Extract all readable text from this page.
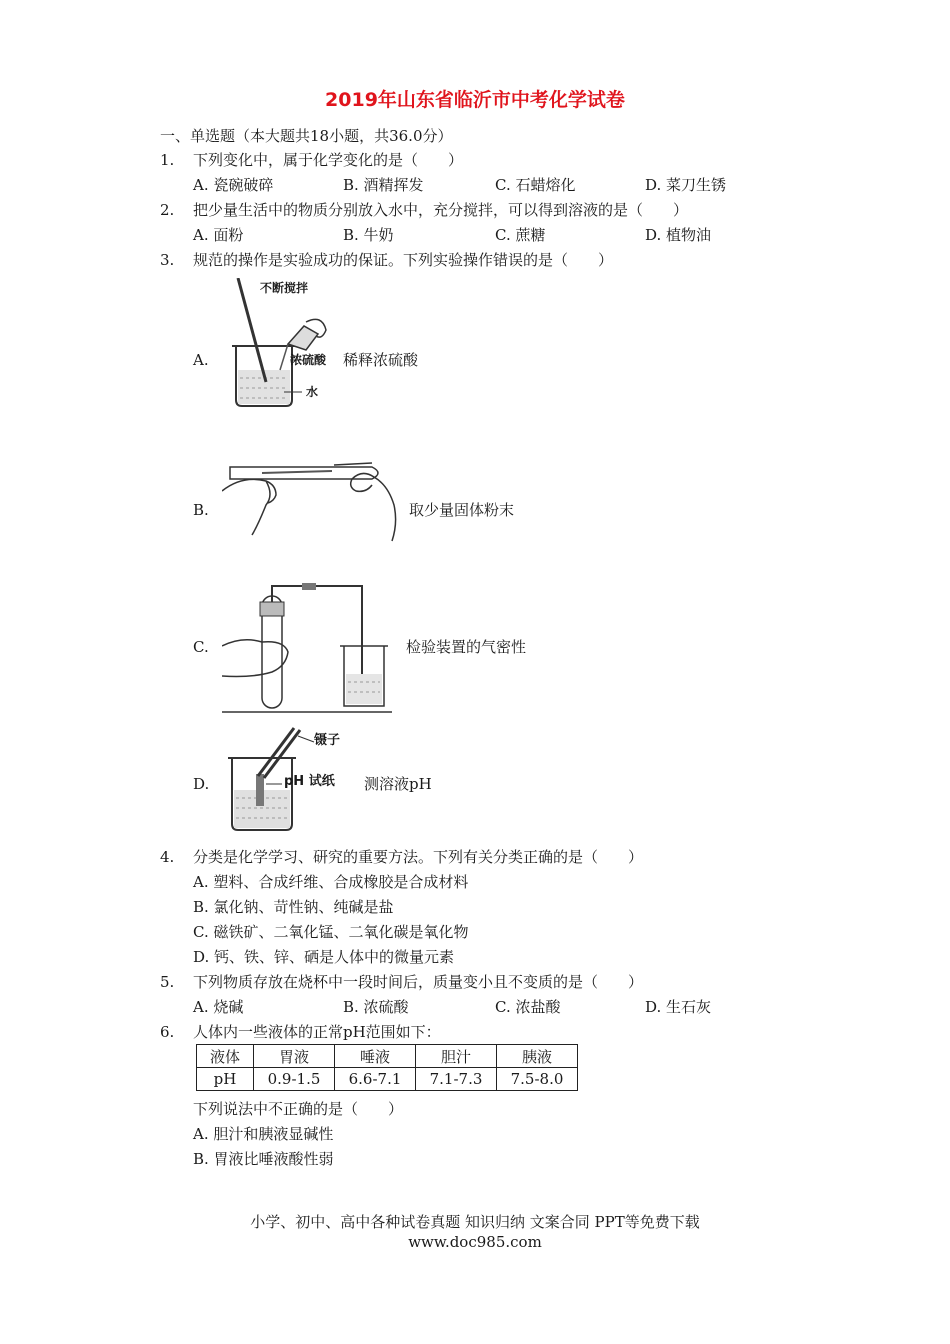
2019年山东省临沂市中考化学试卷
一、单选题（本大题共18小题，共36.0分）
1. 下列变化中，属于化学变化的是（　　）
A. 瓷碗破碎	B. 酒精挥发	C. 石蜡熔化	D. 菜刀生锈
2. 把少量生活中的物质分别放入水中，充分搅拌，可以得到溶液的是（　　）
A. 面粉	B. 牛奶	C. 蔗糖	D. 植物油
3. 规范的操作是实验成功的保证。下列实验操作错误的是（　　）
A.
不断搅拌
浓硫酸
水
稀释浓硫酸
B.	取少量固体粉末
C.	检验装置的气密性
D.
镊子
pH 试纸 测溶液pH
4. 分类是化学学习、研究的重要方法。下列有关分类正确的是（　　）
A. 塑料、合成纤维、合成橡胶是合成材料
B. 氯化钠、苛性钠、纯碱是盐
C. 磁铁矿、二氧化锰、二氧化碳是氧化物
D. 钙、铁、锌、硒是人体中的微量元素
5. 下列物质存放在烧杯中一段时间后，质量变小且不变质的是（　　）
A. 烧碱	B. 浓硫酸	C. 浓盐酸	D. 生石灰
6. 人体内一些液体的正常pH范围如下：
液体	胃液	唾液	胆汁	胰液
pH	0.9-1.5	6.6-7.1	7.1-7.3	7.5-8.0
下列说法中不正确的是（　　）
A. 胆汁和胰液显碱性
B. 胃液比唾液酸性弱
小学、初中、高中各种试卷真题 知识归纳 文案合同 PPT等免费下载
www.doc985.com
